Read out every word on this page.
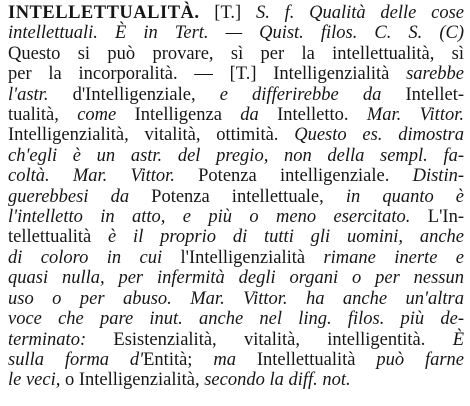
INTELLETTUALITÀ. [T.] S. f. Qualità delle cose
intellettuali. È in Tert. — Quist. filos. C. S. (C)
Questo si può provare, sì per la intellettualità, sì
per la incorporalità. — [T.] Intelligenzialità sarebbe
l'astr. d'Intelligenziale, e differirebbe da Intellet-
tualità, come Intelligenza da Intelletto. Mar. Vittor.
Intelligenzialità, vitalità, ottimità. Questo es. dimostra
ch'egli è un astr. del pregio, non della sempl. fa-
coltà. Mar. Vittor. Potenza intelligenziale. Distin-
guerebbesi da Potenza intellettuale, in quanto è
l'intelletto in atto, e più o meno esercitato. L'In-
tellettualità è il proprio di tutti gli uomini, anche
di coloro in cui l'Intelligenzialità rimane inerte e
quasi nulla, per infermità degli organi o per nessun
uso o per abuso. Mar. Vittor. ha anche un'altra
voce che pare inut. anche nel ling. filos. più de-
terminato: Esistenzialità, vitalità, intelligentità. È
sulla forma d'Entità; ma Intellettualità può farne
le veci, o Intelligenzialità, secondo la diff. not.
